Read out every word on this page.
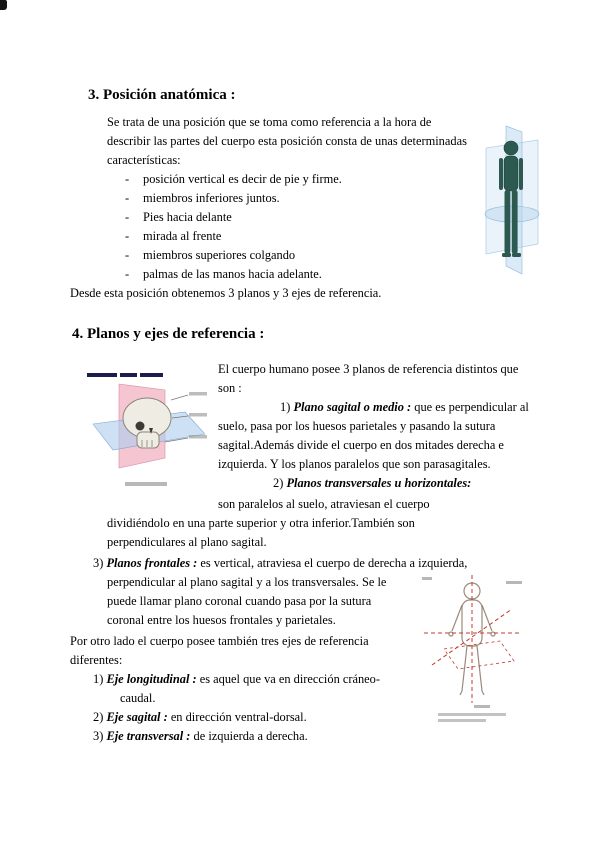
3. Posición anatómica :

Se trata de una posición que se toma como referencia a la hora de describir las partes del cuerpo esta posición consta de unas determinadas características:

- posición vertical es decir de pie y firme.
- miembros inferiores juntos.
- Pies hacia delante
- mirada al frente
- miembros superiores colgando
- palmas de las manos hacia adelante.

Desde esta posición obtenemos 3 planos y 3 ejes de referencia.

4. Planos y ejes de referencia :

El cuerpo humano posee 3 planos de referencia distintos que son :

1) Plano sagital o medio : que es perpendicular al suelo, pasa por los huesos parietales y pasando la sutura sagital.Además divide el cuerpo en dos mitades derecha e izquierda. Y los planos paralelos que son parasagitales.

2) Planos transversales u horizontales:

son paralelos al suelo, atraviesan el cuerpo dividiéndolo en una parte superior y otra inferior.También son perpendiculares al plano sagital.

3) Planos frontales : es vertical, atraviesa el cuerpo de derecha a izquierda, perpendicular al plano sagital y a los transversales. Se le
puede llamar plano coronal cuando pasa por la sutura coronal entre los huesos frontales y parietales.

Por otro lado el cuerpo posee también tres ejes de referencia diferentes:

1) Eje longitudinal : es aquel que va en dirección cráneo-caudal.
2) Eje sagital : en dirección ventral-dorsal.
3) Eje transversal : de izquierda a derecha.
